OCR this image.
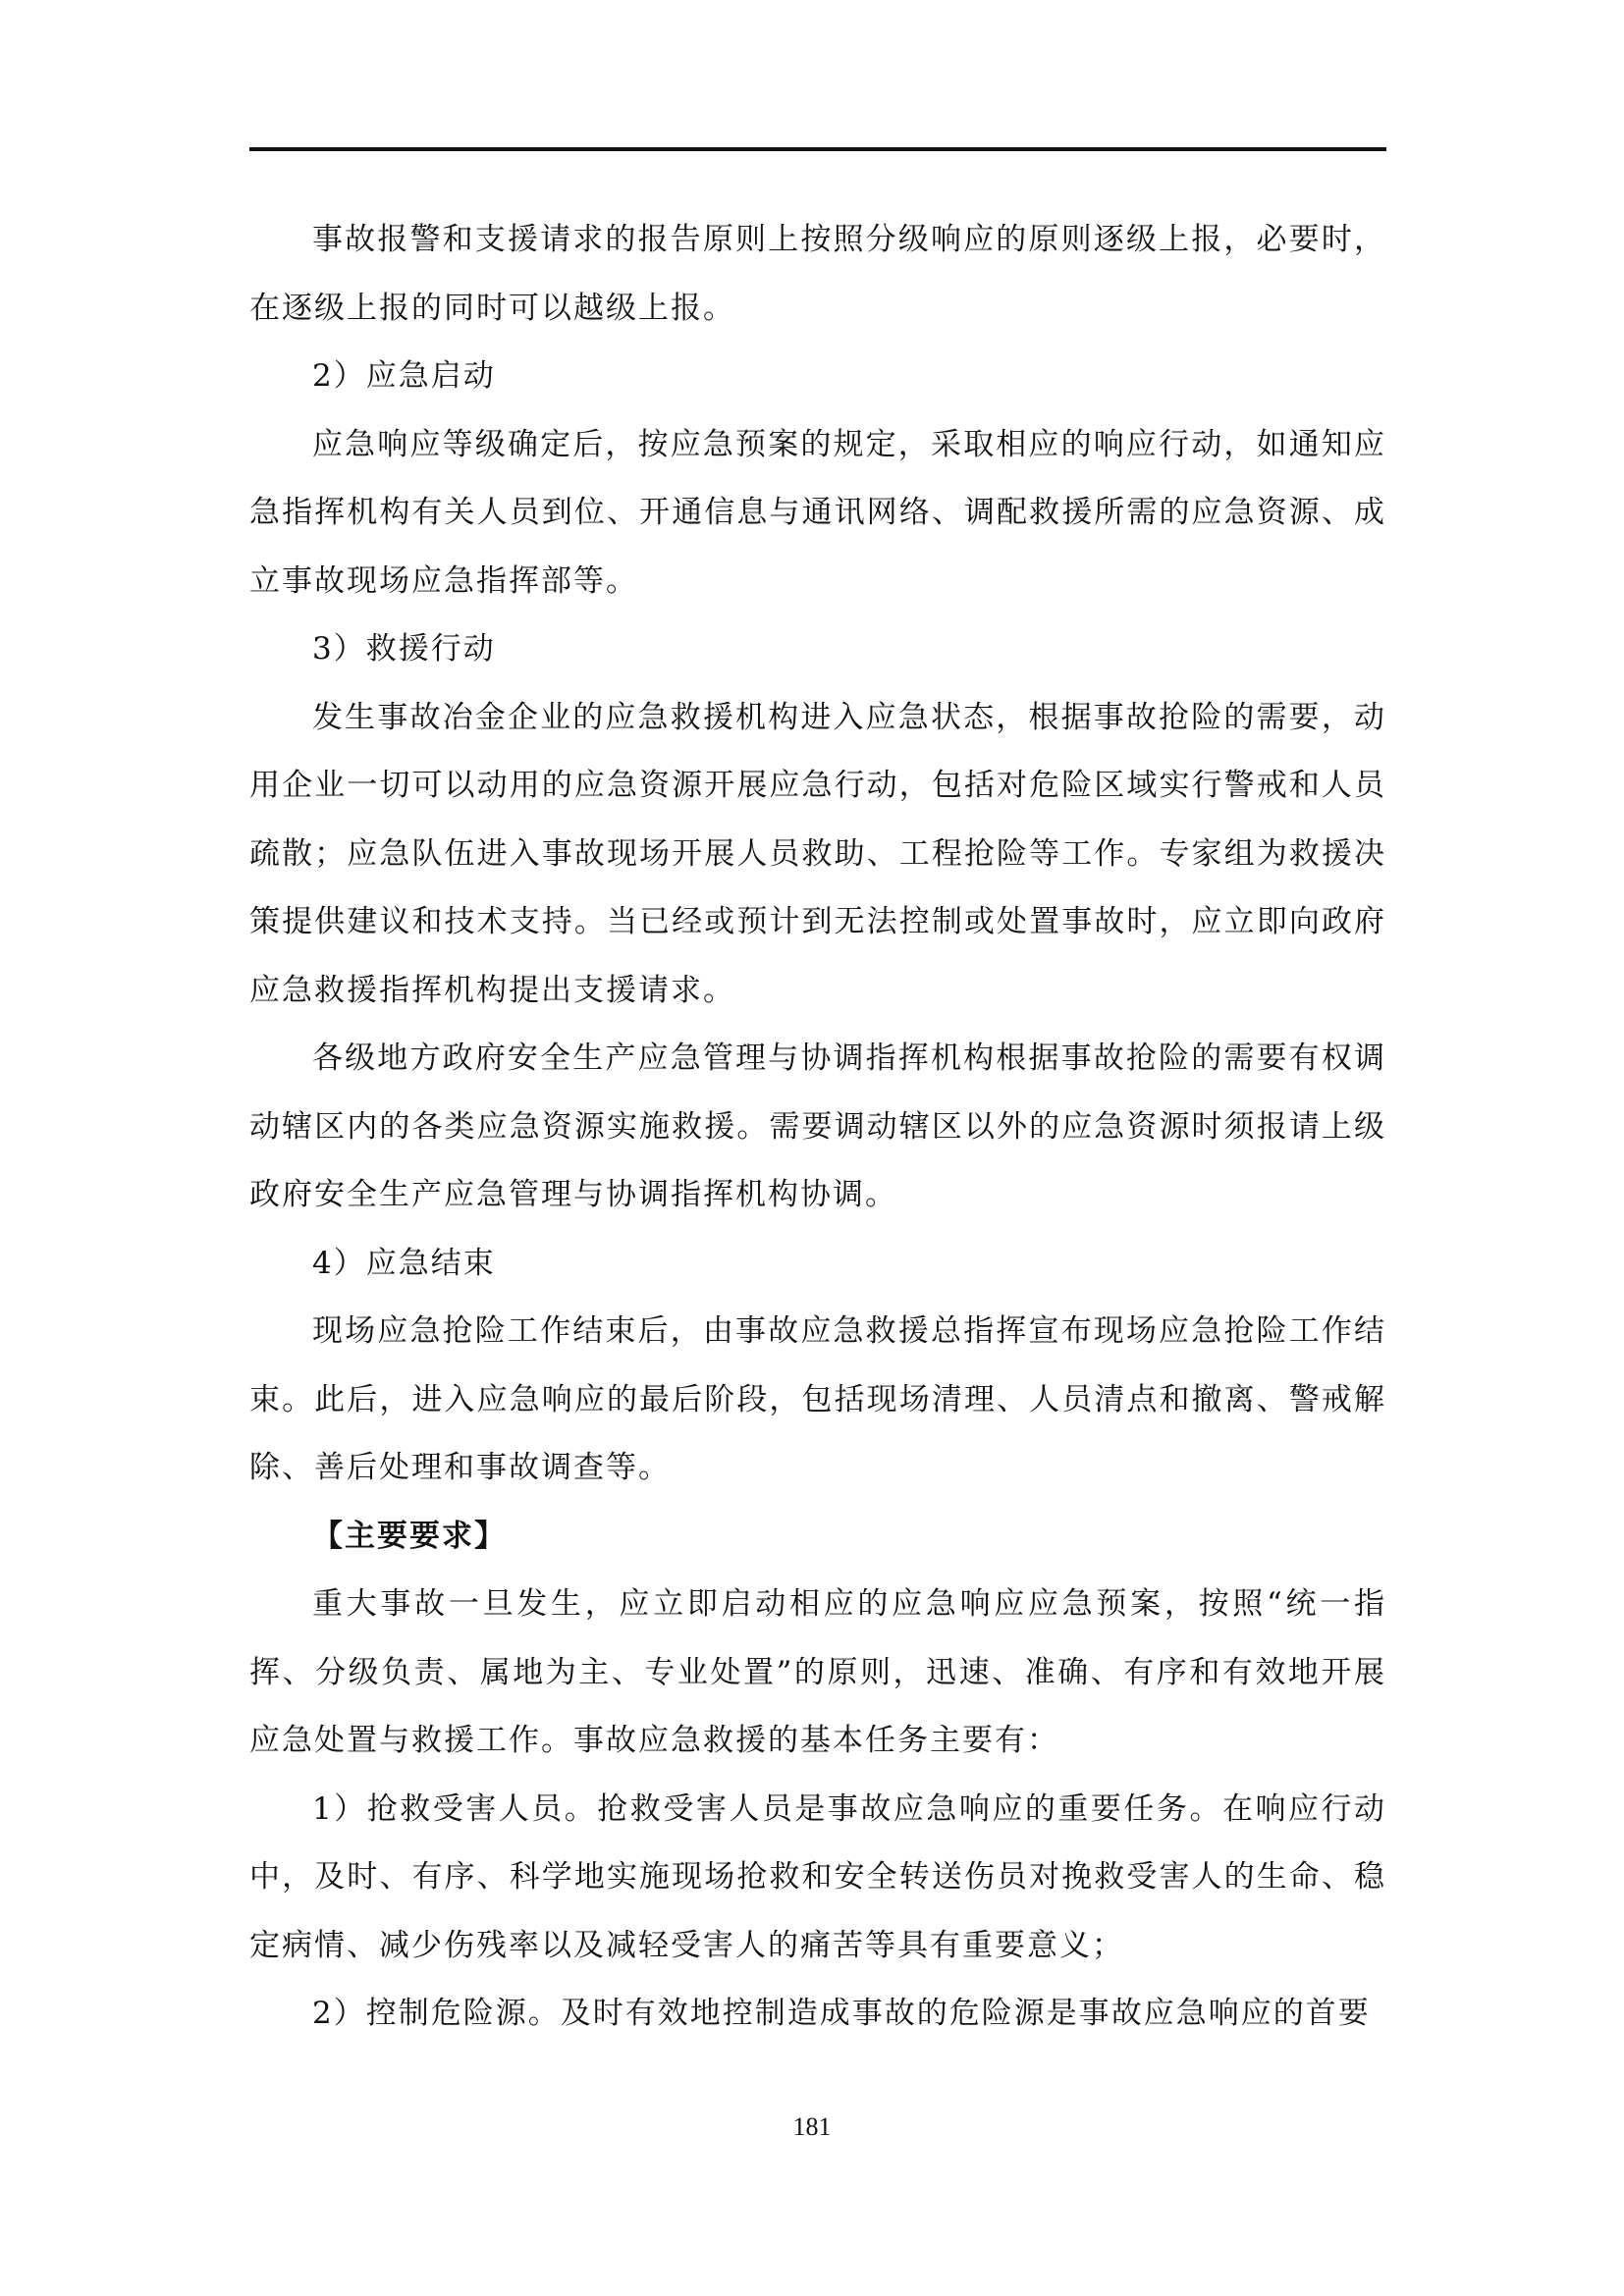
事故报警和支援请求的报告原则上按照分级响应的原则逐级上报，必要时，在逐级上报的同时可以越级上报。

2）应急启动

应急响应等级确定后，按应急预案的规定，采取相应的响应行动，如通知应急指挥机构有关人员到位、开通信息与通讯网络、调配救援所需的应急资源、成立事故现场应急指挥部等。

3）救援行动

发生事故冶金企业的应急救援机构进入应急状态，根据事故抢险的需要，动用企业一切可以动用的应急资源开展应急行动，包括对危险区域实行警戒和人员疏散；应急队伍进入事故现场开展人员救助、工程抢险等工作。专家组为救援决策提供建议和技术支持。当已经或预计到无法控制或处置事故时，应立即向政府应急救援指挥机构提出支援请求。

各级地方政府安全生产应急管理与协调指挥机构根据事故抢险的需要有权调动辖区内的各类应急资源实施救援。需要调动辖区以外的应急资源时须报请上级政府安全生产应急管理与协调指挥机构协调。

4）应急结束

现场应急抢险工作结束后，由事故应急救援总指挥宣布现场应急抢险工作结束。此后，进入应急响应的最后阶段，包括现场清理、人员清点和撤离、警戒解除、善后处理和事故调查等。

【主要要求】

重大事故一旦发生，应立即启动相应的应急响应应急预案，按照“统一指挥、分级负责、属地为主、专业处置”的原则，迅速、准确、有序和有效地开展应急处置与救援工作。事故应急救援的基本任务主要有：

1）抢救受害人员。抢救受害人员是事故应急响应的重要任务。在响应行动中，及时、有序、科学地实施现场抢救和安全转送伤员对挽救受害人的生命、稳定病情、减少伤残率以及减轻受害人的痛苦等具有重要意义；

2）控制危险源。及时有效地控制造成事故的危险源是事故应急响应的首要

181
